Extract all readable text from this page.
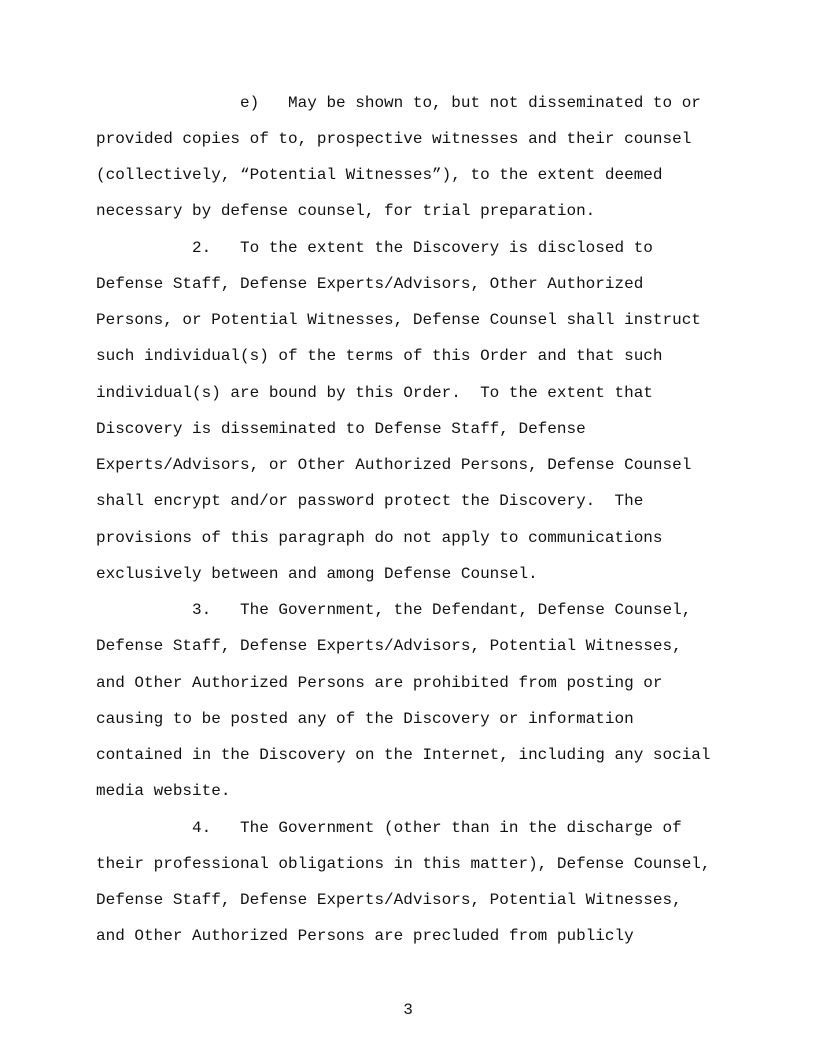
e)   May be shown to, but not disseminated to or
provided copies of to, prospective witnesses and their counsel
(collectively, “Potential Witnesses”), to the extent deemed
necessary by defense counsel, for trial preparation.
2.   To the extent the Discovery is disclosed to
Defense Staff, Defense Experts/Advisors, Other Authorized
Persons, or Potential Witnesses, Defense Counsel shall instruct
such individual(s) of the terms of this Order and that such
individual(s) are bound by this Order.  To the extent that
Discovery is disseminated to Defense Staff, Defense
Experts/Advisors, or Other Authorized Persons, Defense Counsel
shall encrypt and/or password protect the Discovery.  The
provisions of this paragraph do not apply to communications
exclusively between and among Defense Counsel.
3.   The Government, the Defendant, Defense Counsel,
Defense Staff, Defense Experts/Advisors, Potential Witnesses,
and Other Authorized Persons are prohibited from posting or
causing to be posted any of the Discovery or information
contained in the Discovery on the Internet, including any social
media website.
4.   The Government (other than in the discharge of
their professional obligations in this matter), Defense Counsel,
Defense Staff, Defense Experts/Advisors, Potential Witnesses,
and Other Authorized Persons are precluded from publicly
3
